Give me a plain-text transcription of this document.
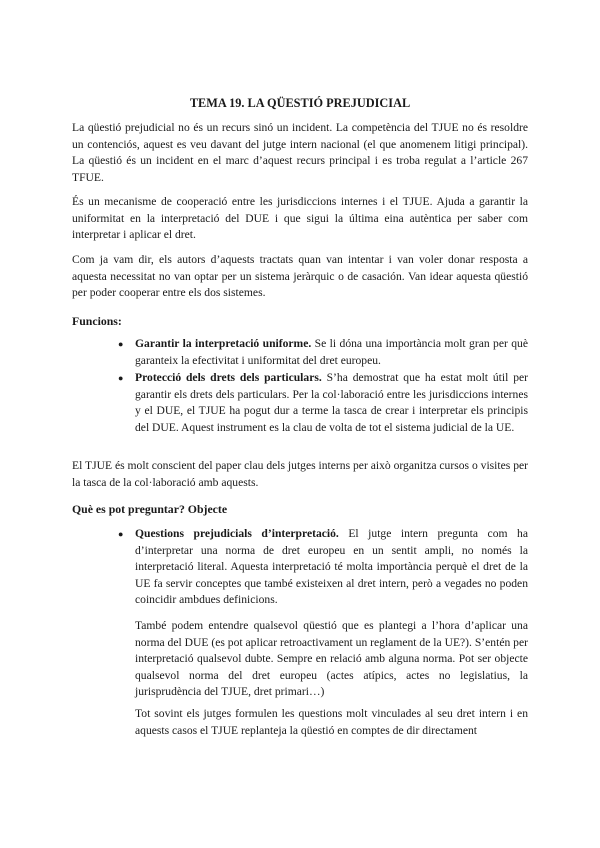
TEMA 19. LA QÜESTIÓ PREJUDICIAL

La qüestió prejudicial no és un recurs sinó un incident. La competència del TJUE no és resoldre un contenciós, aquest es veu davant del jutge intern nacional (el que anomenem litigi principal). La qüestió és un incident en el marc d’aquest recurs principal i es troba regulat a l’article 267 TFUE.

És un mecanisme de cooperació entre les jurisdiccions internes i el TJUE. Ajuda a garantir la uniformitat en la interpretació del DUE i que sigui la última eina autèntica per saber com interpretar i aplicar el dret.

Com ja vam dir, els autors d’aquests tractats quan van intentar i van voler donar resposta a aquesta necessitat no van optar per un sistema jeràrquic o de casación. Van idear aquesta qüestió per poder cooperar entre els dos sistemes.

Funcions:
● Garantir la interpretació uniforme. Se li dóna una importància molt gran per què garanteix la efectivitat i uniformitat del dret europeu.

● Protecció dels drets dels particulars. S’ha demostrat que ha estat molt útil per garantir els drets dels particulars. Per la col·laboració entre les jurisdiccions internes y el DUE, el TJUE ha pogut dur a terme la tasca de crear i interpretar els principis del DUE. Aquest instrument es la clau de volta de tot el sistema judicial de la UE.

El TJUE és molt conscient del paper clau dels jutges interns per això organitza cursos o visites per la tasca de la col·laboració amb aquests.

Què es pot preguntar? Objecte
● Questions prejudicials d’interpretació. El jutge intern pregunta com ha d’interpretar una norma de dret europeu en un sentit ampli, no només la interpretació literal. Aquesta interpretació té molta importància perquè el dret de la UE fa servir conceptes que també existeixen al dret intern, però a vegades no poden coincidir ambdues definicions.

També podem entendre qualsevol qüestió que es plantegi a l’hora d’aplicar una norma del DUE (es pot aplicar retroactivament un reglament de la UE?). S’entén per interpretació qualsevol dubte. Sempre en relació amb alguna norma. Pot ser objecte qualsevol norma del dret europeu (actes atípics, actes no legislatius, la jurisprudència del TJUE, dret primari…)

Tot sovint els jutges formulen les questions molt vinculades al seu dret intern i en aquests casos el TJUE replanteja la qüestió en comptes de dir directament
